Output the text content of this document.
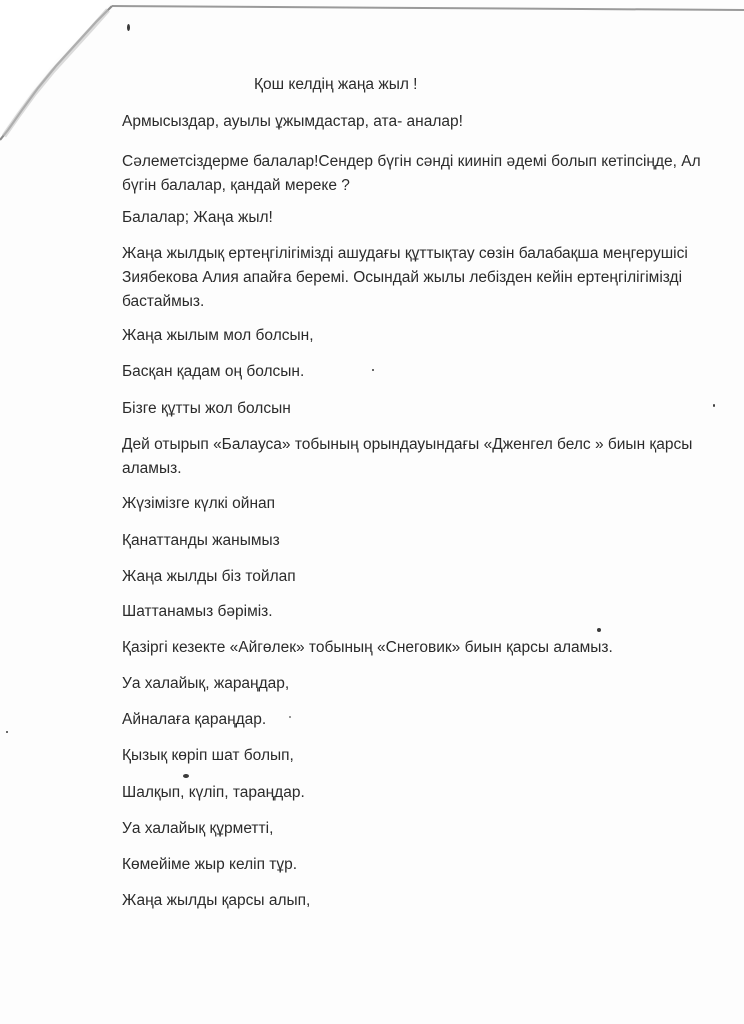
Қош келдің жаңа жыл !

Армысыздар, ауылы ұжымдастар, ата- аналар!

Сәлеметсіздерме балалар!Сендер бүгін сәнді кииніп әдемі болып кетіпсіңде, Ал бүгін балалар, қандай мереке ?

Балалар; Жаңа жыл!

Жаңа жылдық ертеңгілігімізді ашудағы құттықтау сөзін балабақша меңгерушісі Зиябекова Алия апайға беремі. Осындай жылы лебізден кейін ертеңгілігімізді бастаймыз.

Жаңа жылым мол болсын,

Басқан қадам оң болсын.

Бізге құтты жол болсын

Дей отырып «Балауса» тобының орындауындағы «Дженгел белс » биын қарсы аламыз.

Жүзімізге күлкі ойнап

Қанаттанды жанымыз

Жаңа жылды біз тойлап

Шаттанамыз бәріміз.

Қазіргі кезекте «Айгөлек» тобының «Снеговик» биын қарсы аламыз.

Уа халайық, жараңдар,

Айналаға қараңдар.

Қызық көріп шат болып,

Шалқып, күліп, тараңдар.

Уа халайық құрметті,

Көмейіме жыр келіп тұр.

Жаңа жылды қарсы алып,
